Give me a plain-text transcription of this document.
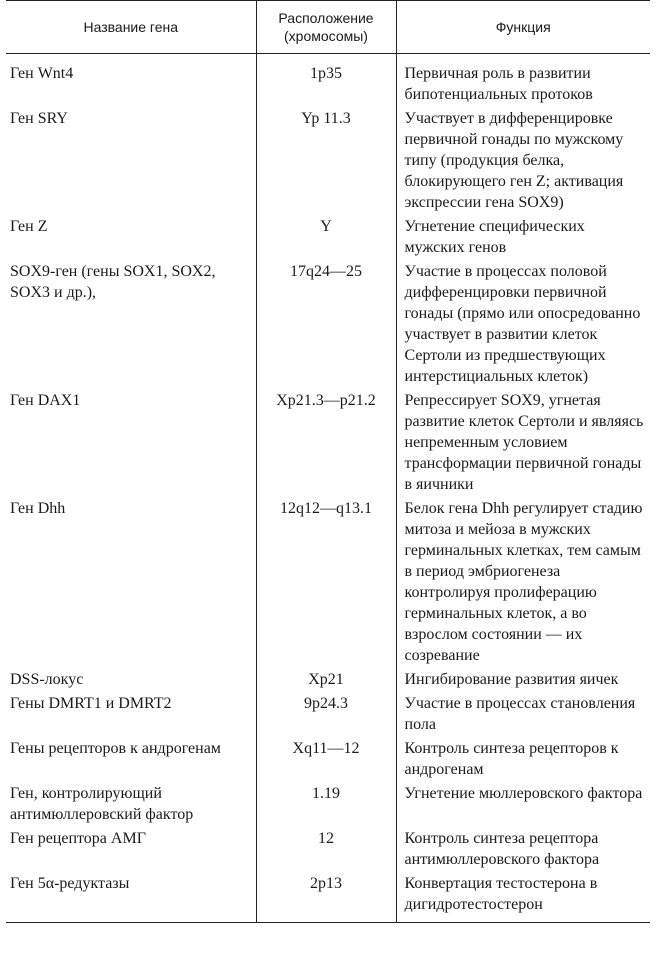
Название гена	Расположение (хромосомы)	Функция
Ген Wnt4	1p35	Первичная роль в развитии бипотенциальных протоков
Ген SRY	Yp 11.3	Участвует в дифференцировке первичной гонады по мужскому типу (продукция белка, блокирующего ген Z; активация экспрессии гена SOX9)
Ген Z	Y	Угнетение специфических мужских генов
SOX9-ген (гены SOX1, SOX2, SOX3 и др.),	17q24—25	Участие в процессах половой дифференцировки первичной гонады (прямо или опосредованно участвует в развитии клеток Сертоли из предшествующих интерстициальных клеток)
Ген DAX1	Xp21.3—p21.2	Репрессирует SOX9, угнетая развитие клеток Сертоли и являясь непременным условием трансформации первичной гонады в яичники
Ген Dhh	12q12—q13.1	Белок гена Dhh регулирует стадию митоза и мейоза в мужских герминальных клетках, тем самым в период эмбриогенеза контролируя пролиферацию герминальных клеток, а во взрослом состоянии — их созревание
DSS-локус	Xp21	Ингибирование развития яичек
Гены DMRT1 и DMRT2	9p24.3	Участие в процессах становления пола
Гены рецепторов к андрогенам	Xq11—12	Контроль синтеза рецепторов к андрогенам
Ген, контролирующий антимюллеровский фактор	1.19	Угнетение мюллеровского фактора
Ген рецептора АМГ	12	Контроль синтеза рецептора антимюллеровского фактора
Ген 5α-редуктазы	2p13	Конвертация тестостерона в дигидротестостерон
